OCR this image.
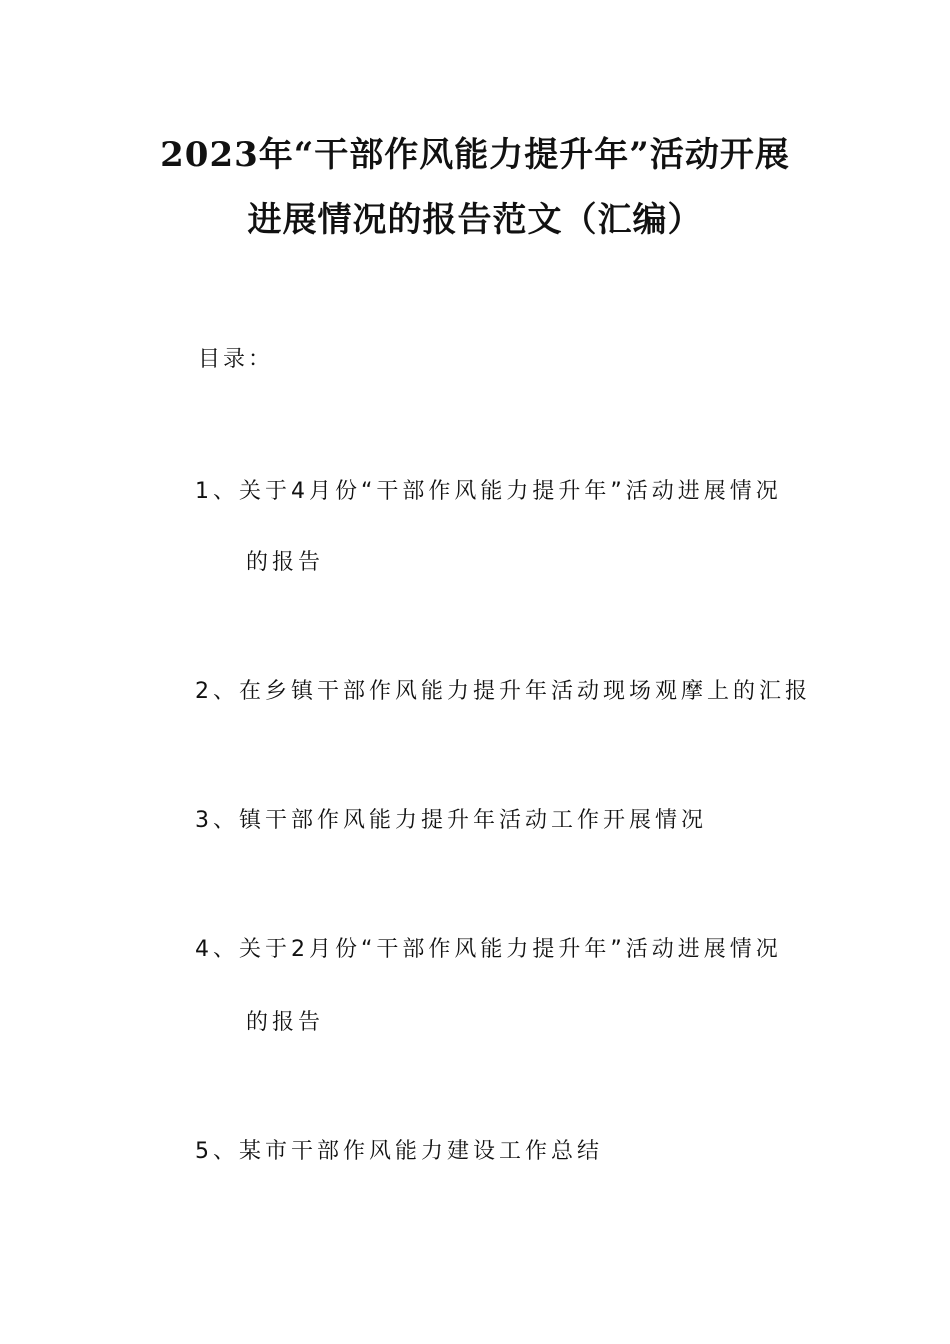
2023年“干部作风能力提升年”活动开展
进展情况的报告范文（汇编）
目录：
1、关于4月份“干部作风能力提升年”活动进展情况
的报告
2、在乡镇干部作风能力提升年活动现场观摩上的汇报
3、镇干部作风能力提升年活动工作开展情况
4、关于2月份“干部作风能力提升年”活动进展情况
的报告
5、某市干部作风能力建设工作总结
